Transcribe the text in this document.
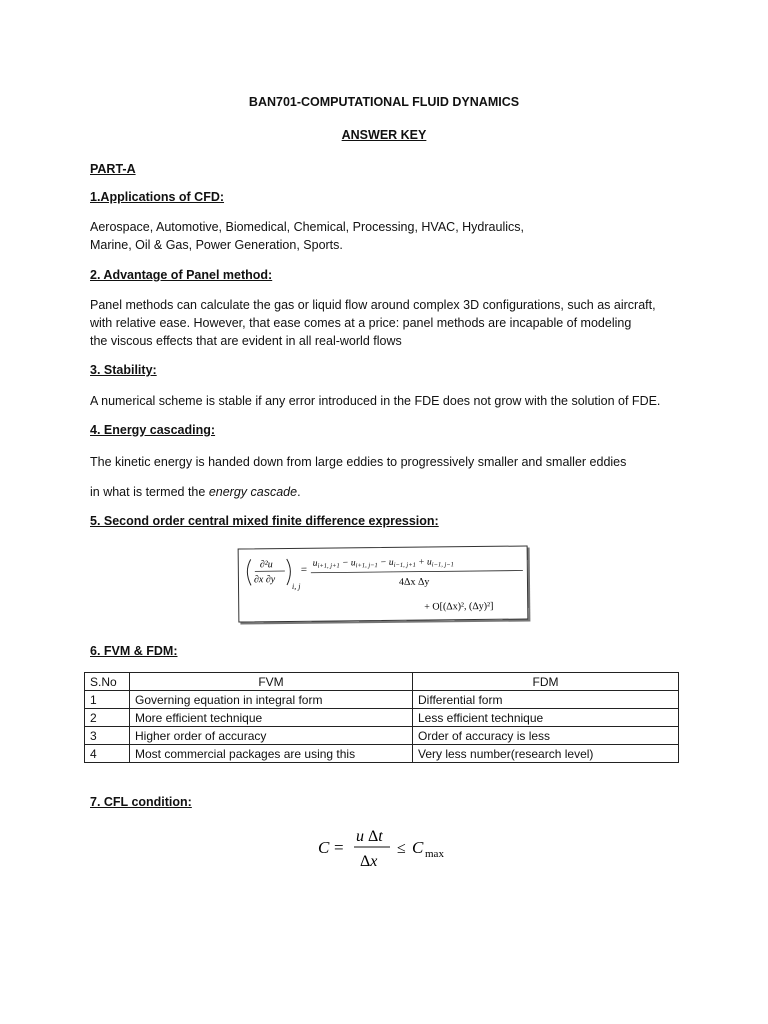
BAN701-COMPUTATIONAL FLUID DYNAMICS
ANSWER KEY
PART-A
1.Applications of CFD:
Aerospace, Automotive, Biomedical, Chemical, Processing, HVAC, Hydraulics,
Marine, Oil & Gas, Power Generation, Sports.
2. Advantage of Panel method:
Panel methods can calculate the gas or liquid flow around complex 3D configurations, such as aircraft,
with relative ease. However, that ease comes at a price: panel methods are incapable of modeling
the viscous effects that are evident in all real-world flows
3. Stability:
A numerical scheme is stable if any error introduced in the FDE does not grow with the solution of FDE.
4. Energy cascading:
The kinetic energy is handed down from large eddies to progressively smaller and smaller eddies
in what is termed the energy cascade.
5. Second order central mixed finite difference expression:
∂²u
∂x ∂y
i, j
=
$u_{i+1, j+1} - u_{i+1, j-1} - u_{i-1, j+1} + u_{i-1, j-1}$
4Δx Δy
+ O[(Δx)², (Δy)²]
6. FVM & FDM:
S.No	FVM	FDM
1	Governing equation in integral form	Differential form
2	More efficient technique	Less efficient technique
3	Higher order of accuracy	Order of accuracy is less
4	Most commercial packages are using this	Very less number(research level)
7. CFL condition:
C =
u Δt
Δx
≤ C max
